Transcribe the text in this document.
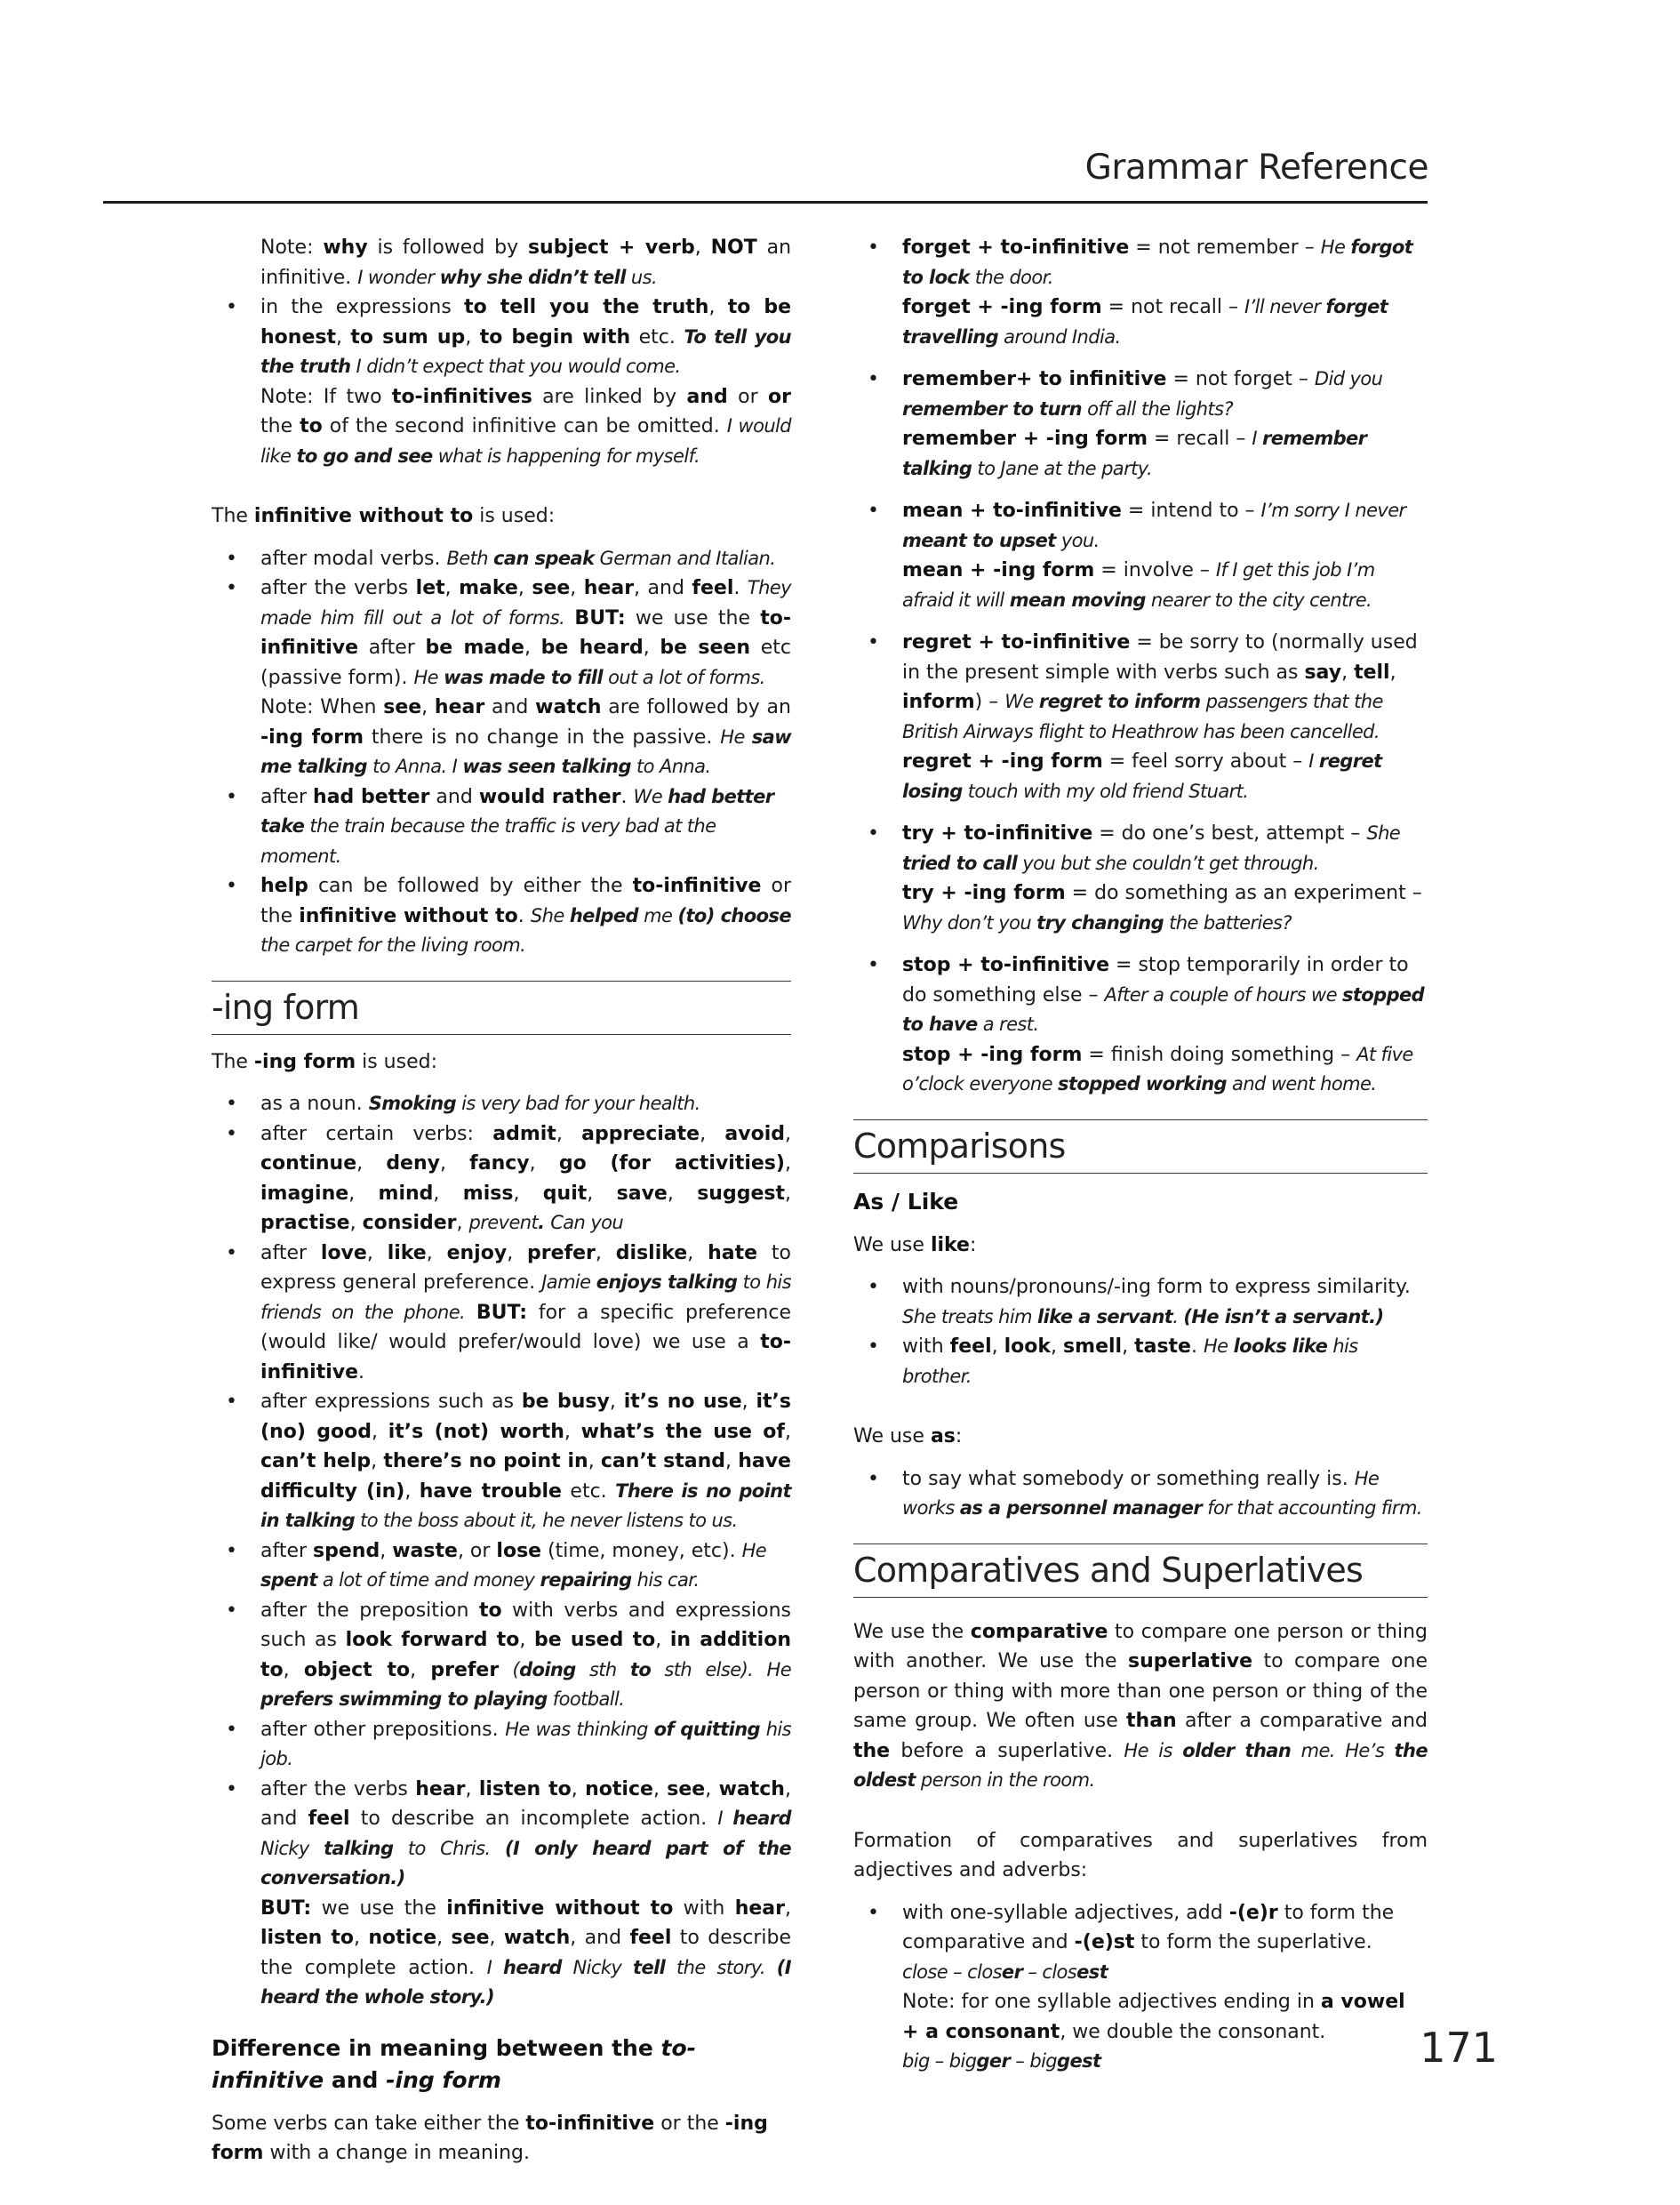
Grammar Reference

Note: why is followed by subject + verb, NOT an infinitive. I wonder why she didn’t tell us.

• in the expressions to tell you the truth, to be honest, to sum up, to begin with etc. To tell you the truth I didn’t expect that you would come.
Note: If two to-infinitives are linked by and or or the to of the second infinitive can be omitted. I would like to go and see what is happening for myself.

The infinitive without to is used:

• after modal verbs. Beth can speak German and Italian.
• after the verbs let, make, see, hear, and feel. They made him fill out a lot of forms. BUT: we use the to-infinitive after be made, be heard, be seen etc (passive form). He was made to fill out a lot of forms.
Note: When see, hear and watch are followed by an -ing form there is no change in the passive. He saw me talking to Anna. I was seen talking to Anna.
• after had better and would rather. We had better take the train because the traffic is very bad at the moment.
• help can be followed by either the to-infinitive or the infinitive without to. She helped me (to) choose the carpet for the living room.
-ing form

The -ing form is used:

• as a noun. Smoking is very bad for your health.
• after certain verbs: admit, appreciate, avoid, continue, deny, fancy, go (for activities), imagine, mind, miss, quit, save, suggest, practise, consider, prevent. Can you
• after love, like, enjoy, prefer, dislike, hate to express general preference. Jamie enjoys talking to his friends on the phone. BUT: for a specific preference (would like/ would prefer/would love) we use a to-infinitive.
• after expressions such as be busy, it’s no use, it’s (no) good, it’s (not) worth, what’s the use of, can’t help, there’s no point in, can’t stand, have difficulty (in), have trouble etc. There is no point in talking to the boss about it, he never listens to us.
• after spend, waste, or lose (time, money, etc). He spent a lot of time and money repairing his car.
• after the preposition to with verbs and expressions such as look forward to, be used to, in addition to, object to, prefer (doing sth to sth else). He prefers swimming to playing football.
• after other prepositions. He was thinking of quitting his job.
• after the verbs hear, listen to, notice, see, watch, and feel to describe an incomplete action. I heard Nicky talking to Chris. (I only heard part of the conversation.)
BUT: we use the infinitive without to with hear, listen to, notice, see, watch, and feel to describe the complete action. I heard Nicky tell the story. (I heard the whole story.)

Difference in meaning between the to-infinitive and -ing form

Some verbs can take either the to-infinitive or the -ing form with a change in meaning.

• forget + to-infinitive = not remember – He forgot to lock the door.
forget + -ing form = not recall – I’ll never forget travelling around India.
• remember+ to infinitive = not forget – Did you remember to turn off all the lights?
remember + -ing form = recall – I remember talking to Jane at the party.
• mean + to-infinitive = intend to – I’m sorry I never meant to upset you.
mean + -ing form = involve – If I get this job I’m afraid it will mean moving nearer to the city centre.
• regret + to-infinitive = be sorry to (normally used in the present simple with verbs such as say, tell, inform) – We regret to inform passengers that the British Airways flight to Heathrow has been cancelled.
regret + -ing form = feel sorry about – I regret losing touch with my old friend Stuart.
• try + to-infinitive = do one’s best, attempt – She tried to call you but she couldn’t get through.
try + -ing form = do something as an experiment – Why don’t you try changing the batteries?
• stop + to-infinitive = stop temporarily in order to do something else – After a couple of hours we stopped to have a rest.
stop + -ing form = finish doing something – At five o’clock everyone stopped working and went home.
Comparisons

As / Like

We use like:

• with nouns/pronouns/-ing form to express similarity. She treats him like a servant. (He isn’t a servant.)
• with feel, look, smell, taste. He looks like his brother.

We use as:

• to say what somebody or something really is. He works as a personnel manager for that accounting firm.
Comparatives and Superlatives

We use the comparative to compare one person or thing with another. We use the superlative to compare one person or thing with more than one person or thing of the same group. We often use than after a comparative and the before a superlative. He is older than me. He’s the oldest person in the room.

Formation of comparatives and superlatives from adjectives and adverbs:

• with one-syllable adjectives, add -(e)r to form the comparative and -(e)st to form the superlative.
close – closer – closest
Note: for one syllable adjectives ending in a vowel + a consonant, we double the consonant.
big – bigger – biggest	171
